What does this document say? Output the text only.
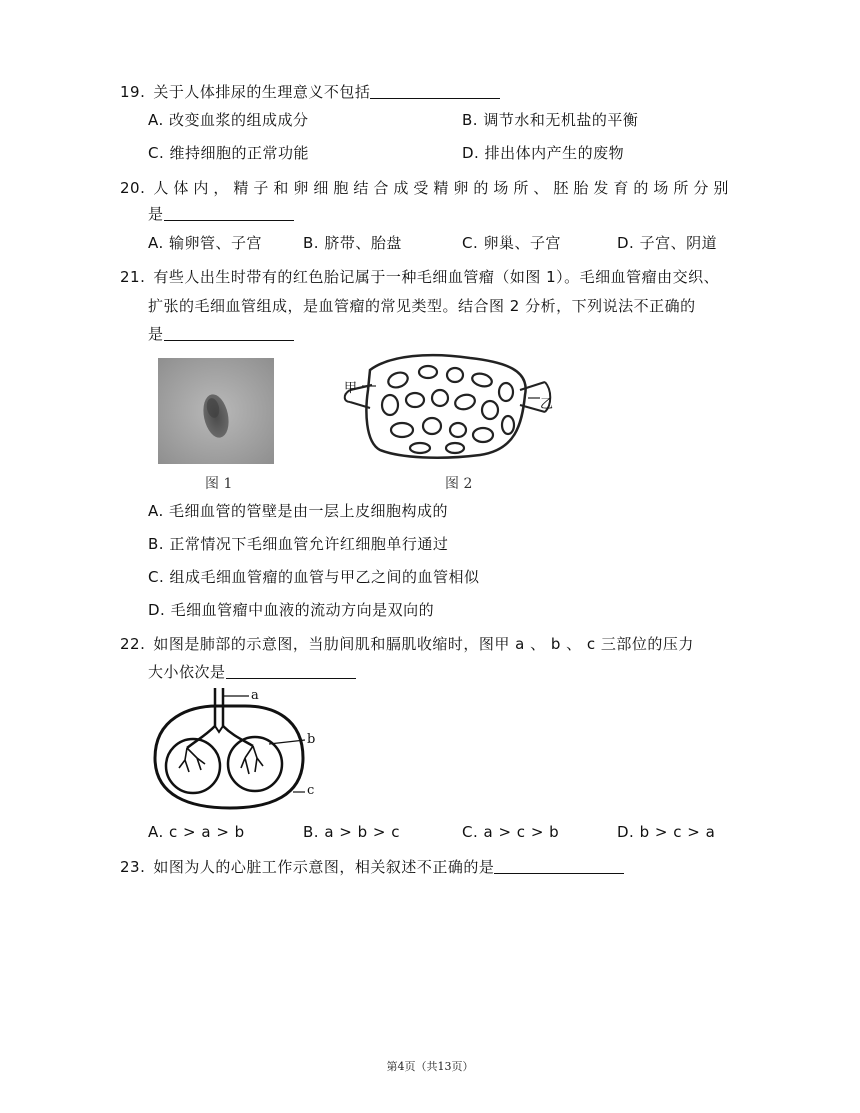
19. 关于人体排尿的生理意义不包括
A. 改变血浆的组成成分	B. 调节水和无机盐的平衡
C. 维持细胞的正常功能	D. 排出体内产生的废物
20. 人体内，精子和卵细胞结合成受精卵的场所、胚胎发育的场所分别
是
A. 输卵管、子宫	B. 脐带、胎盘	C. 卵巢、子宫	D. 子宫、阴道
21. 有些人出生时带有的红色胎记属于一种毛细血管瘤（如图 1）。毛细血管瘤由交织、
扩张的毛细血管组成，是血管瘤的常见类型。结合图 2 分析，下列说法不正确的
是
图 1
甲
乙
图 2
A. 毛细血管的管壁是由一层上皮细胞构成的
B. 正常情况下毛细血管允许红细胞单行通过
C. 组成毛细血管瘤的血管与甲乙之间的血管相似
D. 毛细血管瘤中血液的流动方向是双向的
22. 如图是肺部的示意图，当肋间肌和膈肌收缩时，图甲 a 、 b 、 c 三部位的压力
大小依次是
a
b
c
A. c > a > b	B. a > b > c	C. a > c > b	D. b > c > a
23. 如图为人的心脏工作示意图，相关叙述不正确的是
第4页（共13页）
